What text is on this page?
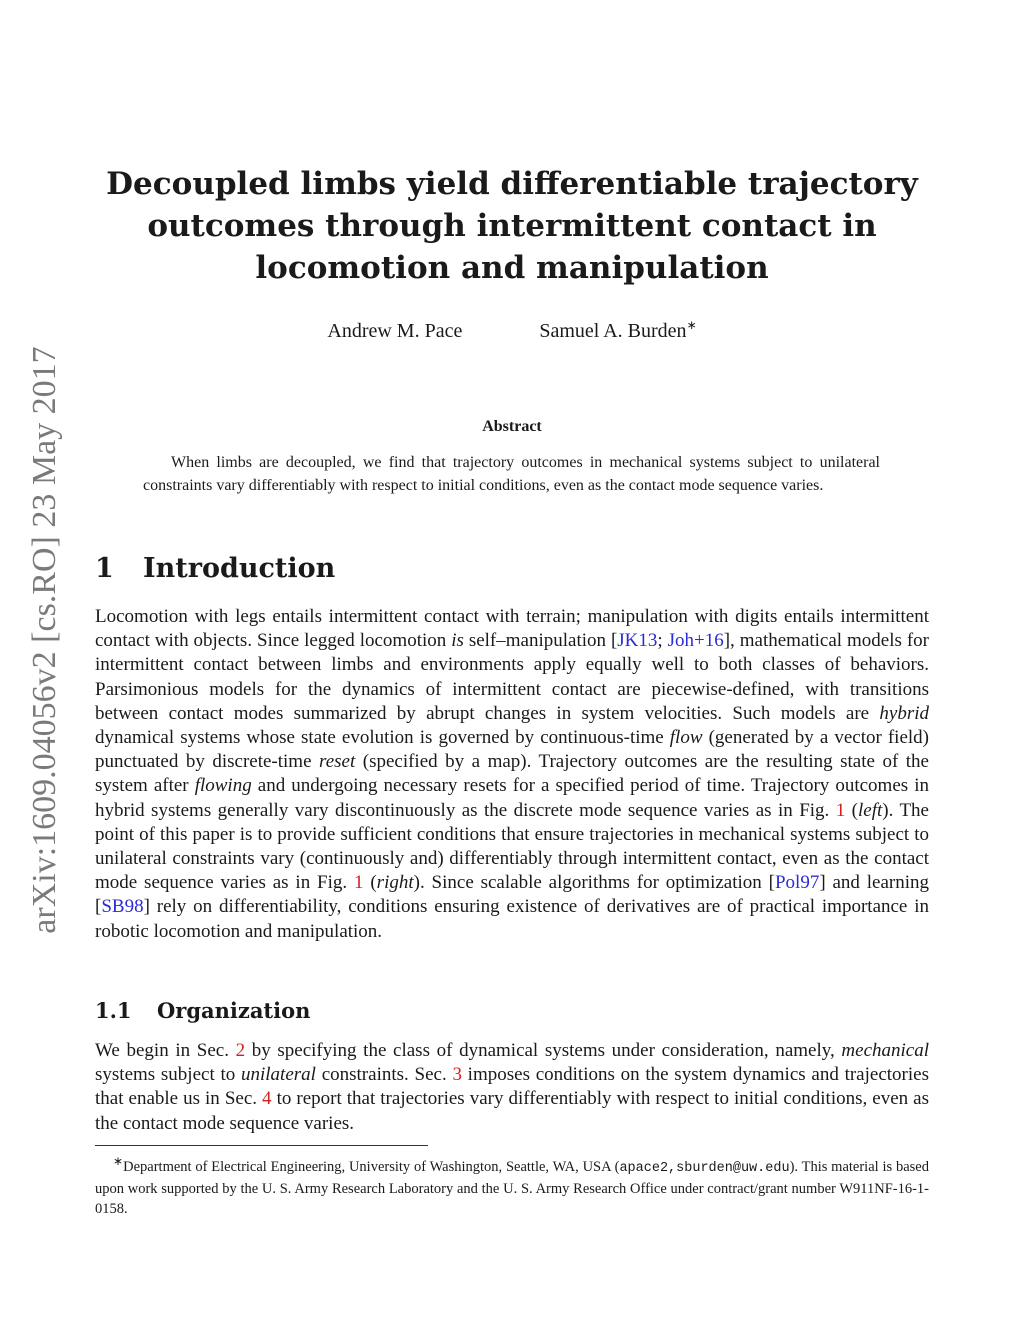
arXiv:1609.04056v2 [cs.RO] 23 May 2017
Decoupled limbs yield differentiable trajectory outcomes through intermittent contact in locomotion and manipulation
Andrew M. Pace	Samuel A. Burden∗
Abstract
When limbs are decoupled, we find that trajectory outcomes in mechanical systems subject to unilateral constraints vary differentiably with respect to initial conditions, even as the contact mode sequence varies.
1 Introduction
Locomotion with legs entails intermittent contact with terrain; manipulation with digits entails intermittent contact with objects. Since legged locomotion is self–manipulation [JK13; Joh+16], mathematical models for intermittent contact between limbs and environments apply equally well to both classes of behaviors. Parsimonious models for the dynamics of intermittent contact are piecewise-defined, with transitions between contact modes summarized by abrupt changes in system velocities. Such models are hybrid dynamical systems whose state evolution is governed by continuous-time flow (generated by a vector field) punctuated by discrete-time reset (specified by a map). Trajectory outcomes are the resulting state of the system after flowing and undergoing necessary resets for a specified period of time. Trajectory outcomes in hybrid systems generally vary discontinuously as the discrete mode sequence varies as in Fig. 1 (left). The point of this paper is to provide sufficient conditions that ensure trajectories in mechanical systems subject to unilateral constraints vary (continuously and) differentiably through intermittent contact, even as the contact mode sequence varies as in Fig. 1 (right). Since scalable algorithms for optimization [Pol97] and learning [SB98] rely on differentiability, conditions ensuring existence of derivatives are of practical importance in robotic locomotion and manipulation.
1.1 Organization
We begin in Sec. 2 by specifying the class of dynamical systems under consideration, namely, mechanical systems subject to unilateral constraints. Sec. 3 imposes conditions on the system dynamics and trajectories that enable us in Sec. 4 to report that trajectories vary differentiably with respect to initial conditions, even as the contact mode sequence varies.
∗Department of Electrical Engineering, University of Washington, Seattle, WA, USA (apace2,sburden@uw.edu). This material is based upon work supported by the U. S. Army Research Laboratory and the U. S. Army Research Office under contract/grant number W911NF-16-1-0158.
